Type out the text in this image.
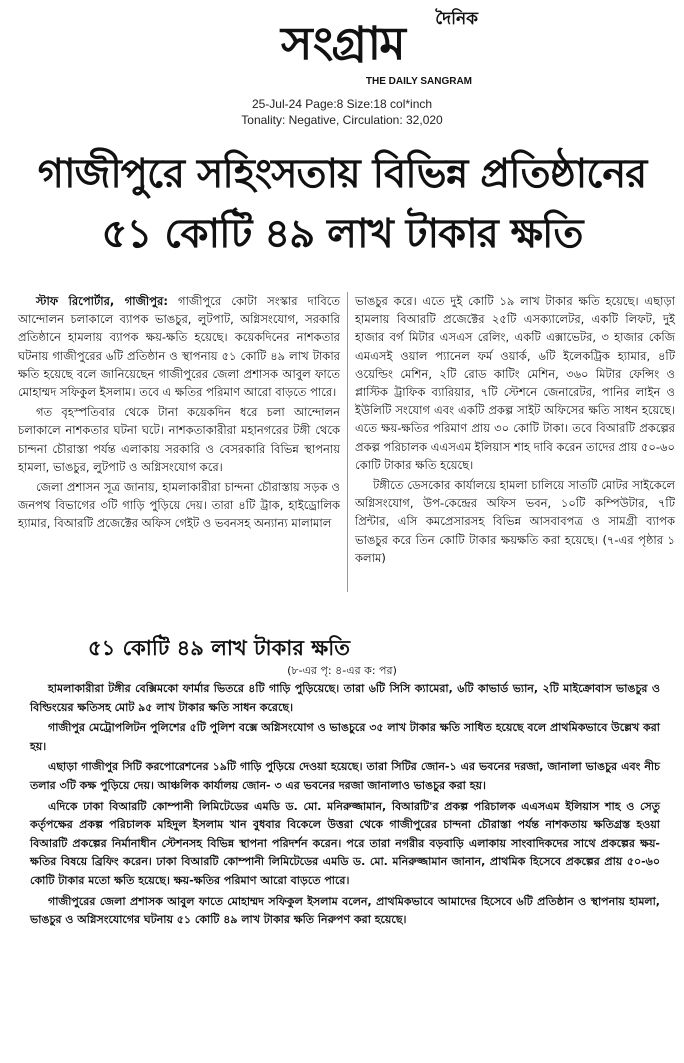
দৈনিক
সংগ্রাম
THE DAILY SANGRAM
25-Jul-24 Page:8 Size:18 col*inch
Tonality: Negative, Circulation: 32,020
গাজীপুরে সহিংসতায় বিভিন্ন প্রতিষ্ঠানের
৫১ কোটি ৪৯ লাখ টাকার ক্ষতি

স্টাফ রিপোর্টার, গাজীপুর: গাজীপুরে কোটা সংস্কার দাবিতে আন্দোলন চলাকালে ব্যাপক ভাঙচুর, লুটপাট, অগ্নিসংযোগ, সরকারি প্রতিষ্ঠানে হামলায় ব্যাপক ক্ষয়-ক্ষতি হয়েছে। কয়েকদিনের নাশকতার ঘটনায় গাজীপুরের ৬টি প্রতিষ্ঠান ও স্থাপনায় ৫১ কোটি ৪৯ লাখ টাকার ক্ষতি হয়েছে বলে জানিয়েছেন গাজীপুরের জেলা প্রশাসক আবুল ফাতে মোহাম্মদ সফিকুল ইসলাম। তবে এ ক্ষতির পরিমাণ আরো বাড়তে পারে।

গত বৃহস্পতিবার থেকে টানা কয়েকদিন ধরে চলা আন্দোলন চলাকালে নাশকতার ঘটনা ঘটে। নাশকতাকারীরা মহানগরের টঙ্গী থেকে চান্দনা চৌরাস্তা পর্যন্ত এলাকায় সরকারি ও বেসরকারি বিভিন্ন স্থাপনায় হামলা, ভাঙচুর, লুটপাট ও অগ্নিসংযোগ করে।

জেলা প্রশাসন সূত্র জানায়, হামলাকারীরা চান্দনা চৌরাস্তায় সড়ক ও জনপথ বিভাগের ৩টি গাড়ি পুড়িয়ে দেয়। তারা ৪টি ট্রাক, হাইড্রোলিক হ্যামার, বিআরটি প্রজেক্টের অফিস গেইট ও ভবনসহ অন্যান্য মালামাল

ভাঙচুর করে। এতে দুই কোটি ১৯ লাখ টাকার ক্ষতি হয়েছে। এছাড়া হামলায় বিআরটি প্রজেক্টের ২৫টি এসক্যালেটর, একটি লিফট, দুই হাজার বর্গ মিটার এসএস রেলিং, একটি এক্সাভেটর, ৩ হাজার কেজি এমএসই ওয়াল প্যানেল ফর্ম ওয়ার্ক, ৬টি ইলেকট্রিক হ্যামার, ৪টি ওয়েল্ডিং মেশিন, ২টি রোড কাটিং মেশিন, ৩৬০ মিটার ফেন্সিং ও প্লাস্টিক ট্রাফিক ব্যারিয়ার, ৭টি স্টেশনে জেনারেটর, পানির লাইন ও ইউলিটি সংযোগ এবং একটি প্রকল্প সাইট অফিসের ক্ষতি সাধন হয়েছে। এতে ক্ষয়-ক্ষতির পরিমাণ প্রায় ৩০ কোটি টাকা। তবে বিআরটি প্রকল্পের প্রকল্প পরিচালক এএসএম ইলিয়াস শাহ দাবি করেন তাদের প্রায় ৫০-৬০ কোটি টাকার ক্ষতি হয়েছে।

টঙ্গীতে ডেসকোর কার্যালয়ে হামলা চালিয়ে সাতটি মোটর সাইকেলে অগ্নিসংযোগ, উপ-কেন্দ্রের অফিস ভবন, ১০টি কম্পিউটার, ৭টি প্রিন্টার, এসি কমপ্রেসারসহ বিভিন্ন আসবাবপত্র ও সামগ্রী ব্যাপক ভাঙচুর করে তিন কোটি টাকার ক্ষয়ক্ষতি করা হয়েছে। (৭-এর পৃষ্ঠার ১ কলাম)

৫১ কোটি ৪৯ লাখ টাকার ক্ষতি
(৮-এর পৃ: ৪-এর ক: পর)

হামলাকারীরা টঙ্গীর বেক্সিমকো ফার্মার ভিতরে ৪টি গাড়ি পুড়িয়েছে। তারা ৬টি সিসি ক্যামেরা, ৬টি কাভার্ড ভ্যান, ২টি মাইক্রোবাস ভাঙচুর ও বিল্ডিংয়ের ক্ষতিসহ মোট ৯৫ লাখ টাকার ক্ষতি সাধন করেছে।

গাজীপুর মেট্রোপলিটন পুলিশের ৫টি পুলিশ বক্সে অগ্নিসংযোগ ও ভাঙচুরে ৩৫ লাখ টাকার ক্ষতি সাধিত হয়েছে বলে প্রাথমিকভাবে উল্লেখ করা হয়।

এছাড়া গাজীপুর সিটি করপোরেশনের ১৯টি গাড়ি পুড়িয়ে দেওয়া হয়েছে। তারা সিটির জোন-১ এর ভবনের দরজা, জানালা ভাঙচুর এবং নীচ তলার ৩টি কক্ষ পুড়িয়ে দেয়। আঞ্চলিক কার্যালয় জোন- ৩ এর ভবনের দরজা জানালাও ভাঙচুর করা হয়।

এদিকে ঢাকা বিআরটি কোম্পানী লিমিটেডের এমডি ড. মো. মনিরুজ্জামান, বিআরটি'র প্রকল্প পরিচালক এএসএম ইলিয়াস শাহ ও সেতু কর্তৃপক্ষের প্রকল্প পরিচালক মহিদুল ইসলাম খান বুধবার বিকেলে উত্তরা থেকে গাজীপুরের চান্দনা চৌরাস্তা পর্যন্ত নাশকতায় ক্ষতিগ্রস্ত হওয়া বিআরটি প্রকল্পের নির্মানাধীন স্টেশনসহ বিভিন্ন স্থাপনা পরিদর্শন করেন। পরে তারা নগরীর বড়বাড়ি এলাকায় সাংবাদিকদের সাথে প্রকল্পের ক্ষয়-ক্ষতির বিষয়ে ব্রিফিং করেন। ঢাকা বিআরটি কোম্পানী লিমিটেডের এমডি ড. মো. মনিরুজ্জামান জানান, প্রাথমিক হিসেবে প্রকল্পের প্রায় ৫০-৬০ কোটি টাকার মতো ক্ষতি হয়েছে। ক্ষয়-ক্ষতির পরিমাণ আরো বাড়তে পারে।

গাজীপুরের জেলা প্রশাসক আবুল ফাতে মোহাম্মদ সফিকুল ইসলাম বলেন, প্রাথমিকভাবে আমাদের হিসেবে ৬টি প্রতিষ্ঠান ও স্থাপনায় হামলা, ভাঙচুর ও অগ্নিসংযোগের ঘটনায় ৫১ কোটি ৪৯ লাখ টাকার ক্ষতি নিরুপণ করা হয়েছে।
